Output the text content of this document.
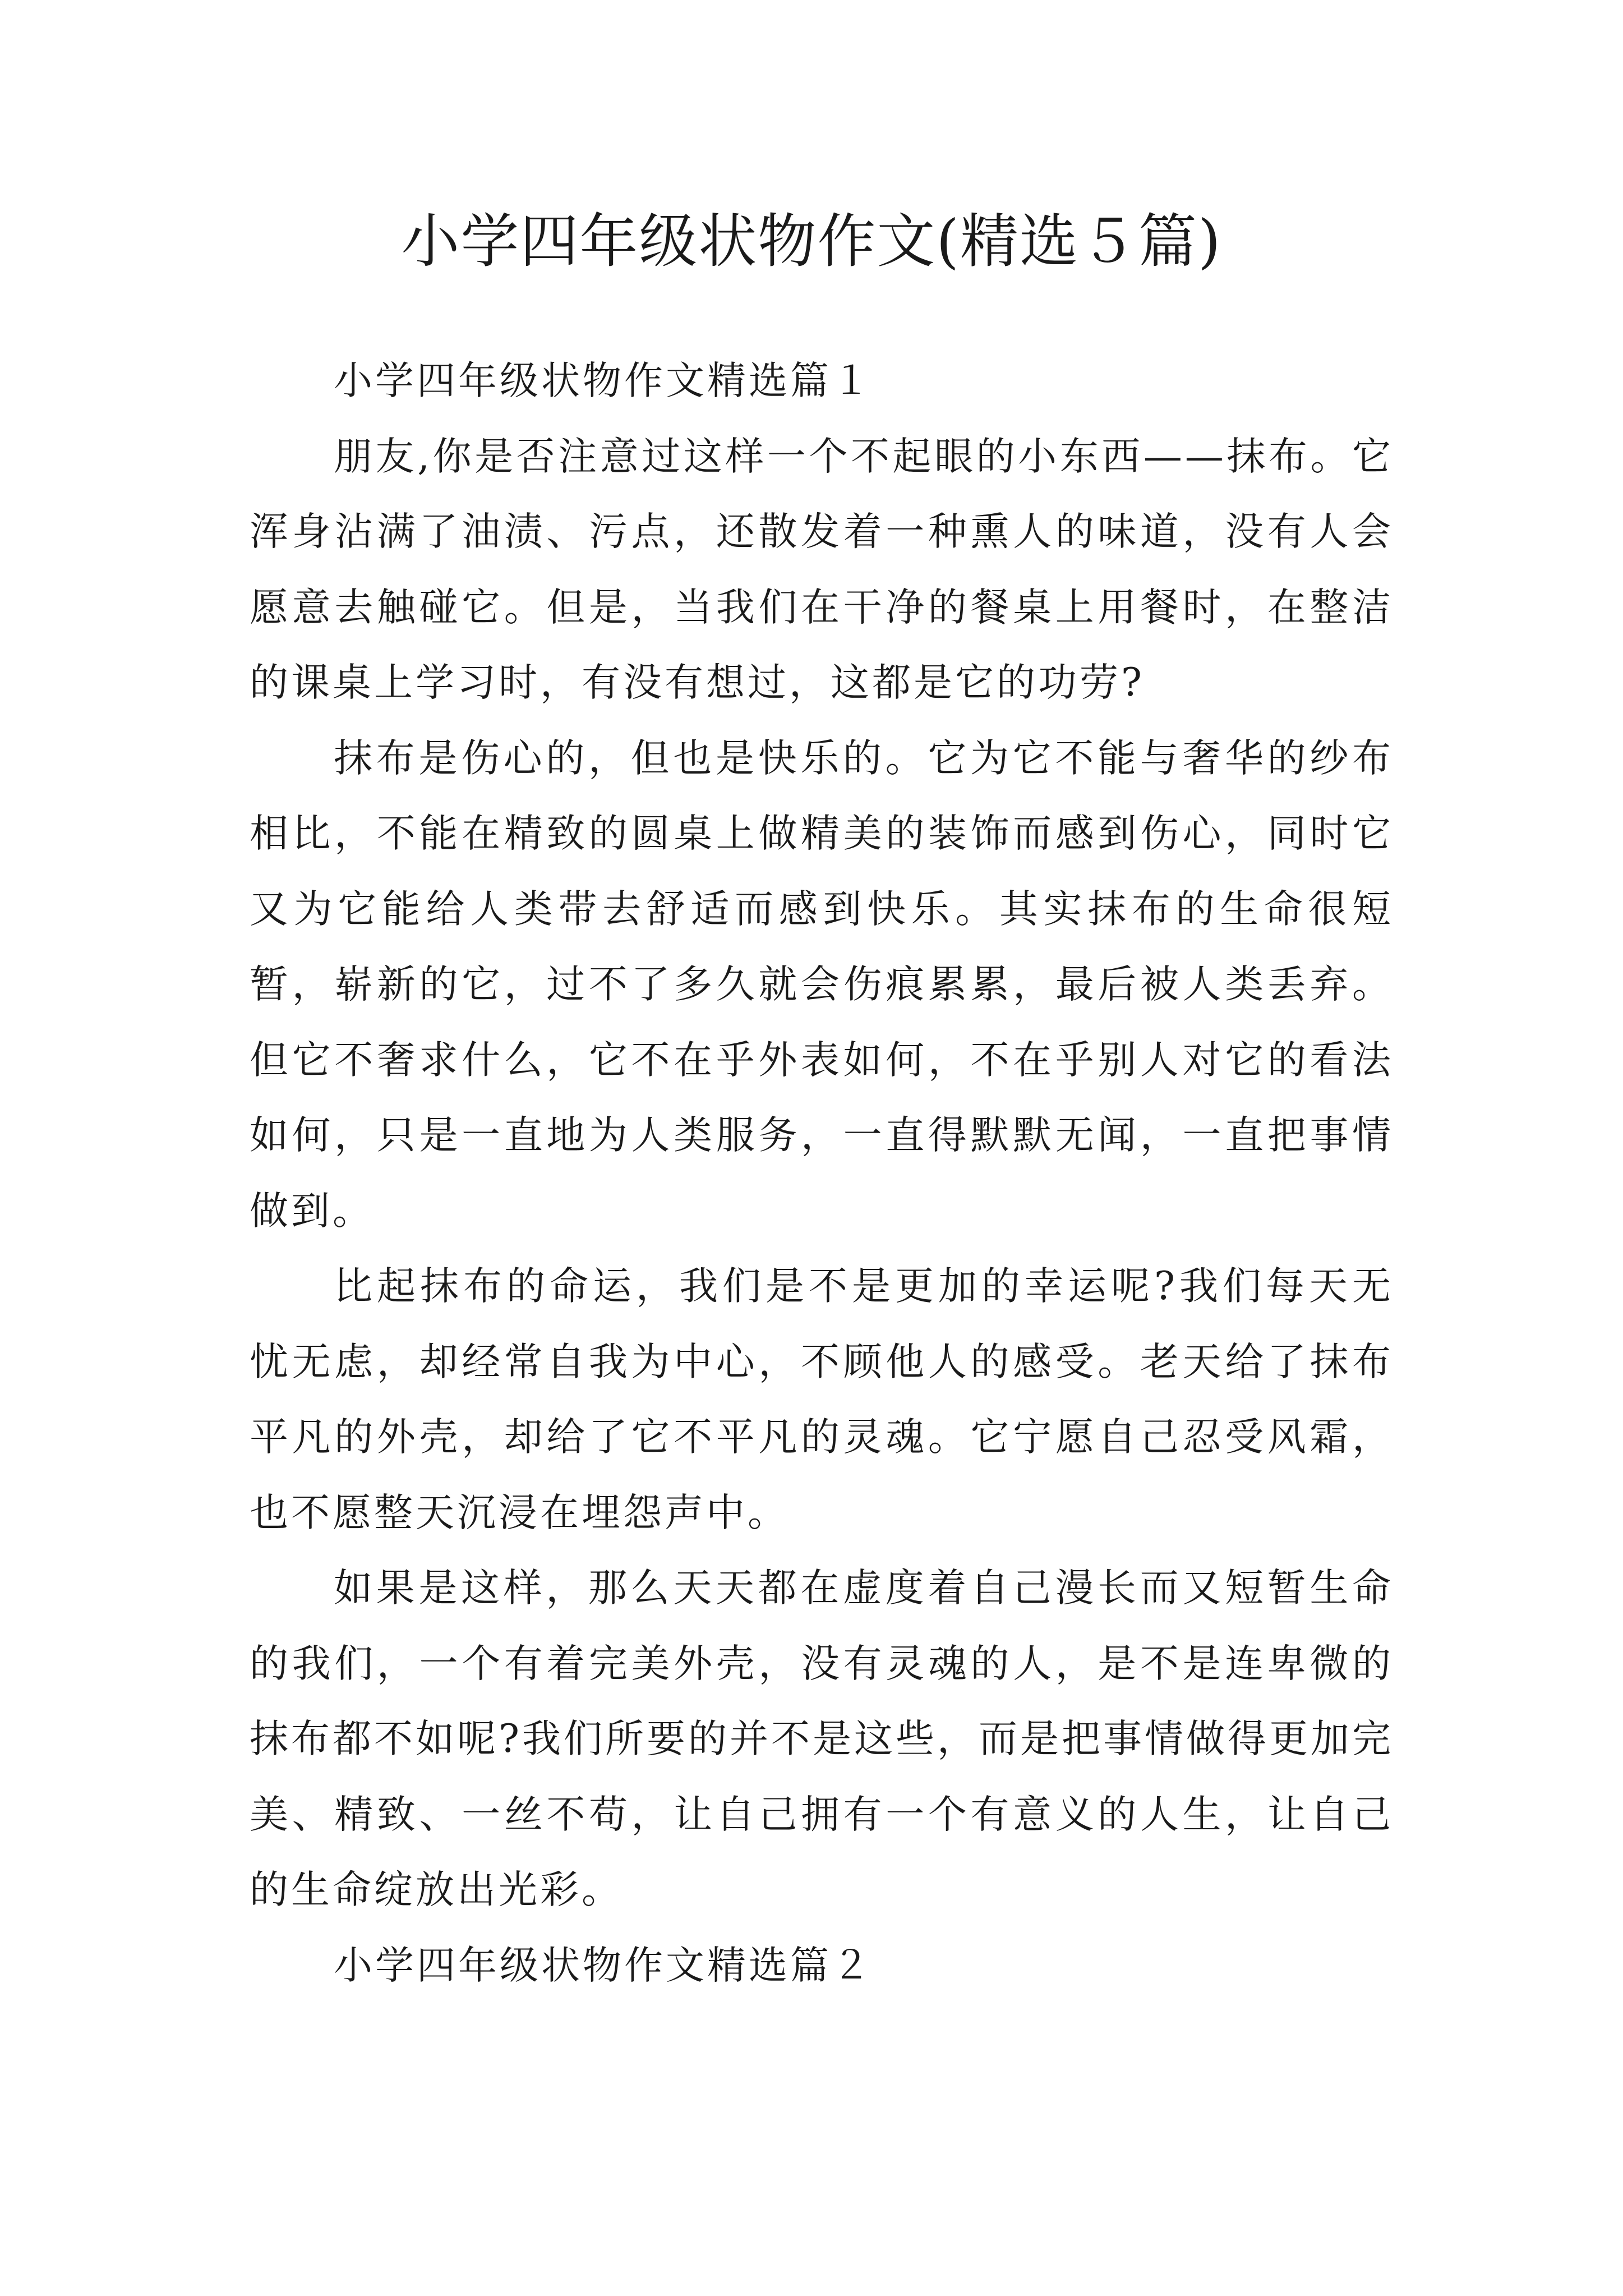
小学四年级状物作文(精选５篇)

小学四年级状物作文精选篇１

朋友,你是否注意过这样一个不起眼的小东西——抹布。它浑身沾满了油渍、污点，还散发着一种熏人的味道，没有人会愿意去触碰它。但是，当我们在干净的餐桌上用餐时，在整洁的课桌上学习时，有没有想过，这都是它的功劳?

抹布是伤心的，但也是快乐的。它为它不能与奢华的纱布相比，不能在精致的圆桌上做精美的装饰而感到伤心，同时它又为它能给人类带去舒适而感到快乐。其实抹布的生命很短暂，崭新的它，过不了多久就会伤痕累累，最后被人类丢弃。但它不奢求什么，它不在乎外表如何，不在乎别人对它的看法如何，只是一直地为人类服务，一直得默默无闻，一直把事情做到。

比起抹布的命运，我们是不是更加的幸运呢?我们每天无忧无虑，却经常自我为中心，不顾他人的感受。老天给了抹布平凡的外壳，却给了它不平凡的灵魂。它宁愿自己忍受风霜，也不愿整天沉浸在埋怨声中。

如果是这样，那么天天都在虚度着自己漫长而又短暂生命的我们，一个有着完美外壳，没有灵魂的人，是不是连卑微的抹布都不如呢?我们所要的并不是这些，而是把事情做得更加完美、精致、一丝不苟，让自己拥有一个有意义的人生，让自己的生命绽放出光彩。

小学四年级状物作文精选篇２
